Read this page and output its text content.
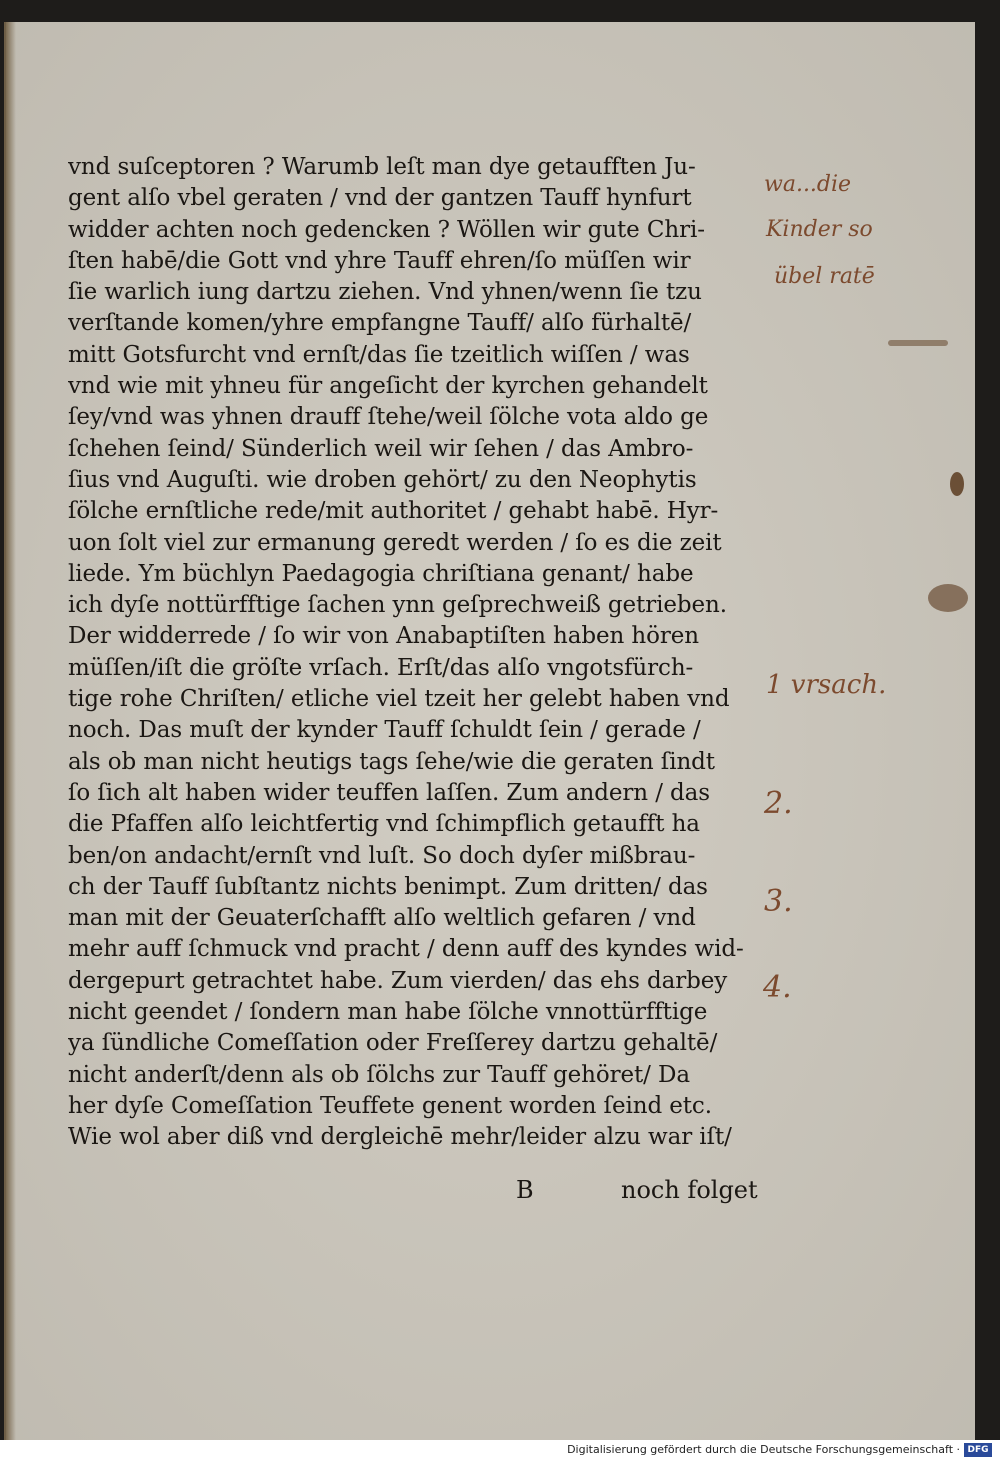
vnd suſceptoren ? Warumb leſt man dye getaufften Ju-
gent alſo vbel geraten / vnd der gantzen Tauff hynfurt
widder achten noch gedencken ? Wöllen wir gute Chri-
ſten habē/die Gott vnd yhre Tauff ehren/ſo müſſen wir
ſie warlich iung dartzu ziehen. Vnd yhnen/wenn ſie tzu
verſtande komen/yhre empfangne Tauff/ alſo fürhaltē/
mitt Gotsfurcht vnd ernſt/das ſie tzeitlich wiſſen / was
vnd wie mit yhneu für angeſicht der kyrchen gehandelt
ſey/vnd was yhnen drauff ſtehe/weil ſölche vota aldo ge
ſchehen ſeind/ Sünderlich weil wir ſehen / das Ambro-
ſius vnd Auguſti. wie droben gehört/ zu den Neophytis
ſölche ernſtliche rede/mit authoritet / gehabt habē. Hyr-
uon ſolt viel zur ermanung geredt werden / ſo es die zeit
liede. Ym büchlyn Paedagogia chriſtiana genant/ habe
ich dyſe nottürfftige ſachen ynn geſprechweiß getrieben.
Der widderrede / ſo wir von Anabaptiſten haben hören
müſſen/iſt die gröſte vrſach. Erſt/das alſo vngotsfürch-
tige rohe Chriſten/ etliche viel tzeit her gelebt haben vnd
noch. Das muſt der kynder Tauff ſchuldt ſein / gerade /
als ob man nicht heutigs tags ſehe/wie die geraten ſindt
ſo ſich alt haben wider teuffen laſſen. Zum andern / das
die Pfaffen alſo leichtfertig vnd ſchimpflich getaufft ha
ben/on andacht/ernſt vnd luſt. So doch dyſer mißbrau-
ch der Tauff ſubſtantz nichts benimpt. Zum dritten/ das
man mit der Geuaterſchafft alſo weltlich gefaren / vnd
mehr auff ſchmuck vnd pracht / denn auff des kyndes wid-
dergepurt getrachtet habe. Zum vierden/ das ehs darbey
nicht geendet / ſondern man habe ſölche vnnottürfftige
ya ſündliche Comeſſation oder Freſſerey dartzu gehaltē/
nicht anderſt/denn als ob ſölchs zur Tauff gehöret/ Da
her dyſe Comeſſation Teuffete genent worden ſeind etc.
Wie wol aber diß vnd dergleichē mehr/leider alzu war iſt/
B	noch folget
wa...die
Kinder so
übel ratē
1 vrsach.
2.
3.
4.
Digitalisierung gefördert durch die Deutsche Forschungsgemeinschaft · DFG
